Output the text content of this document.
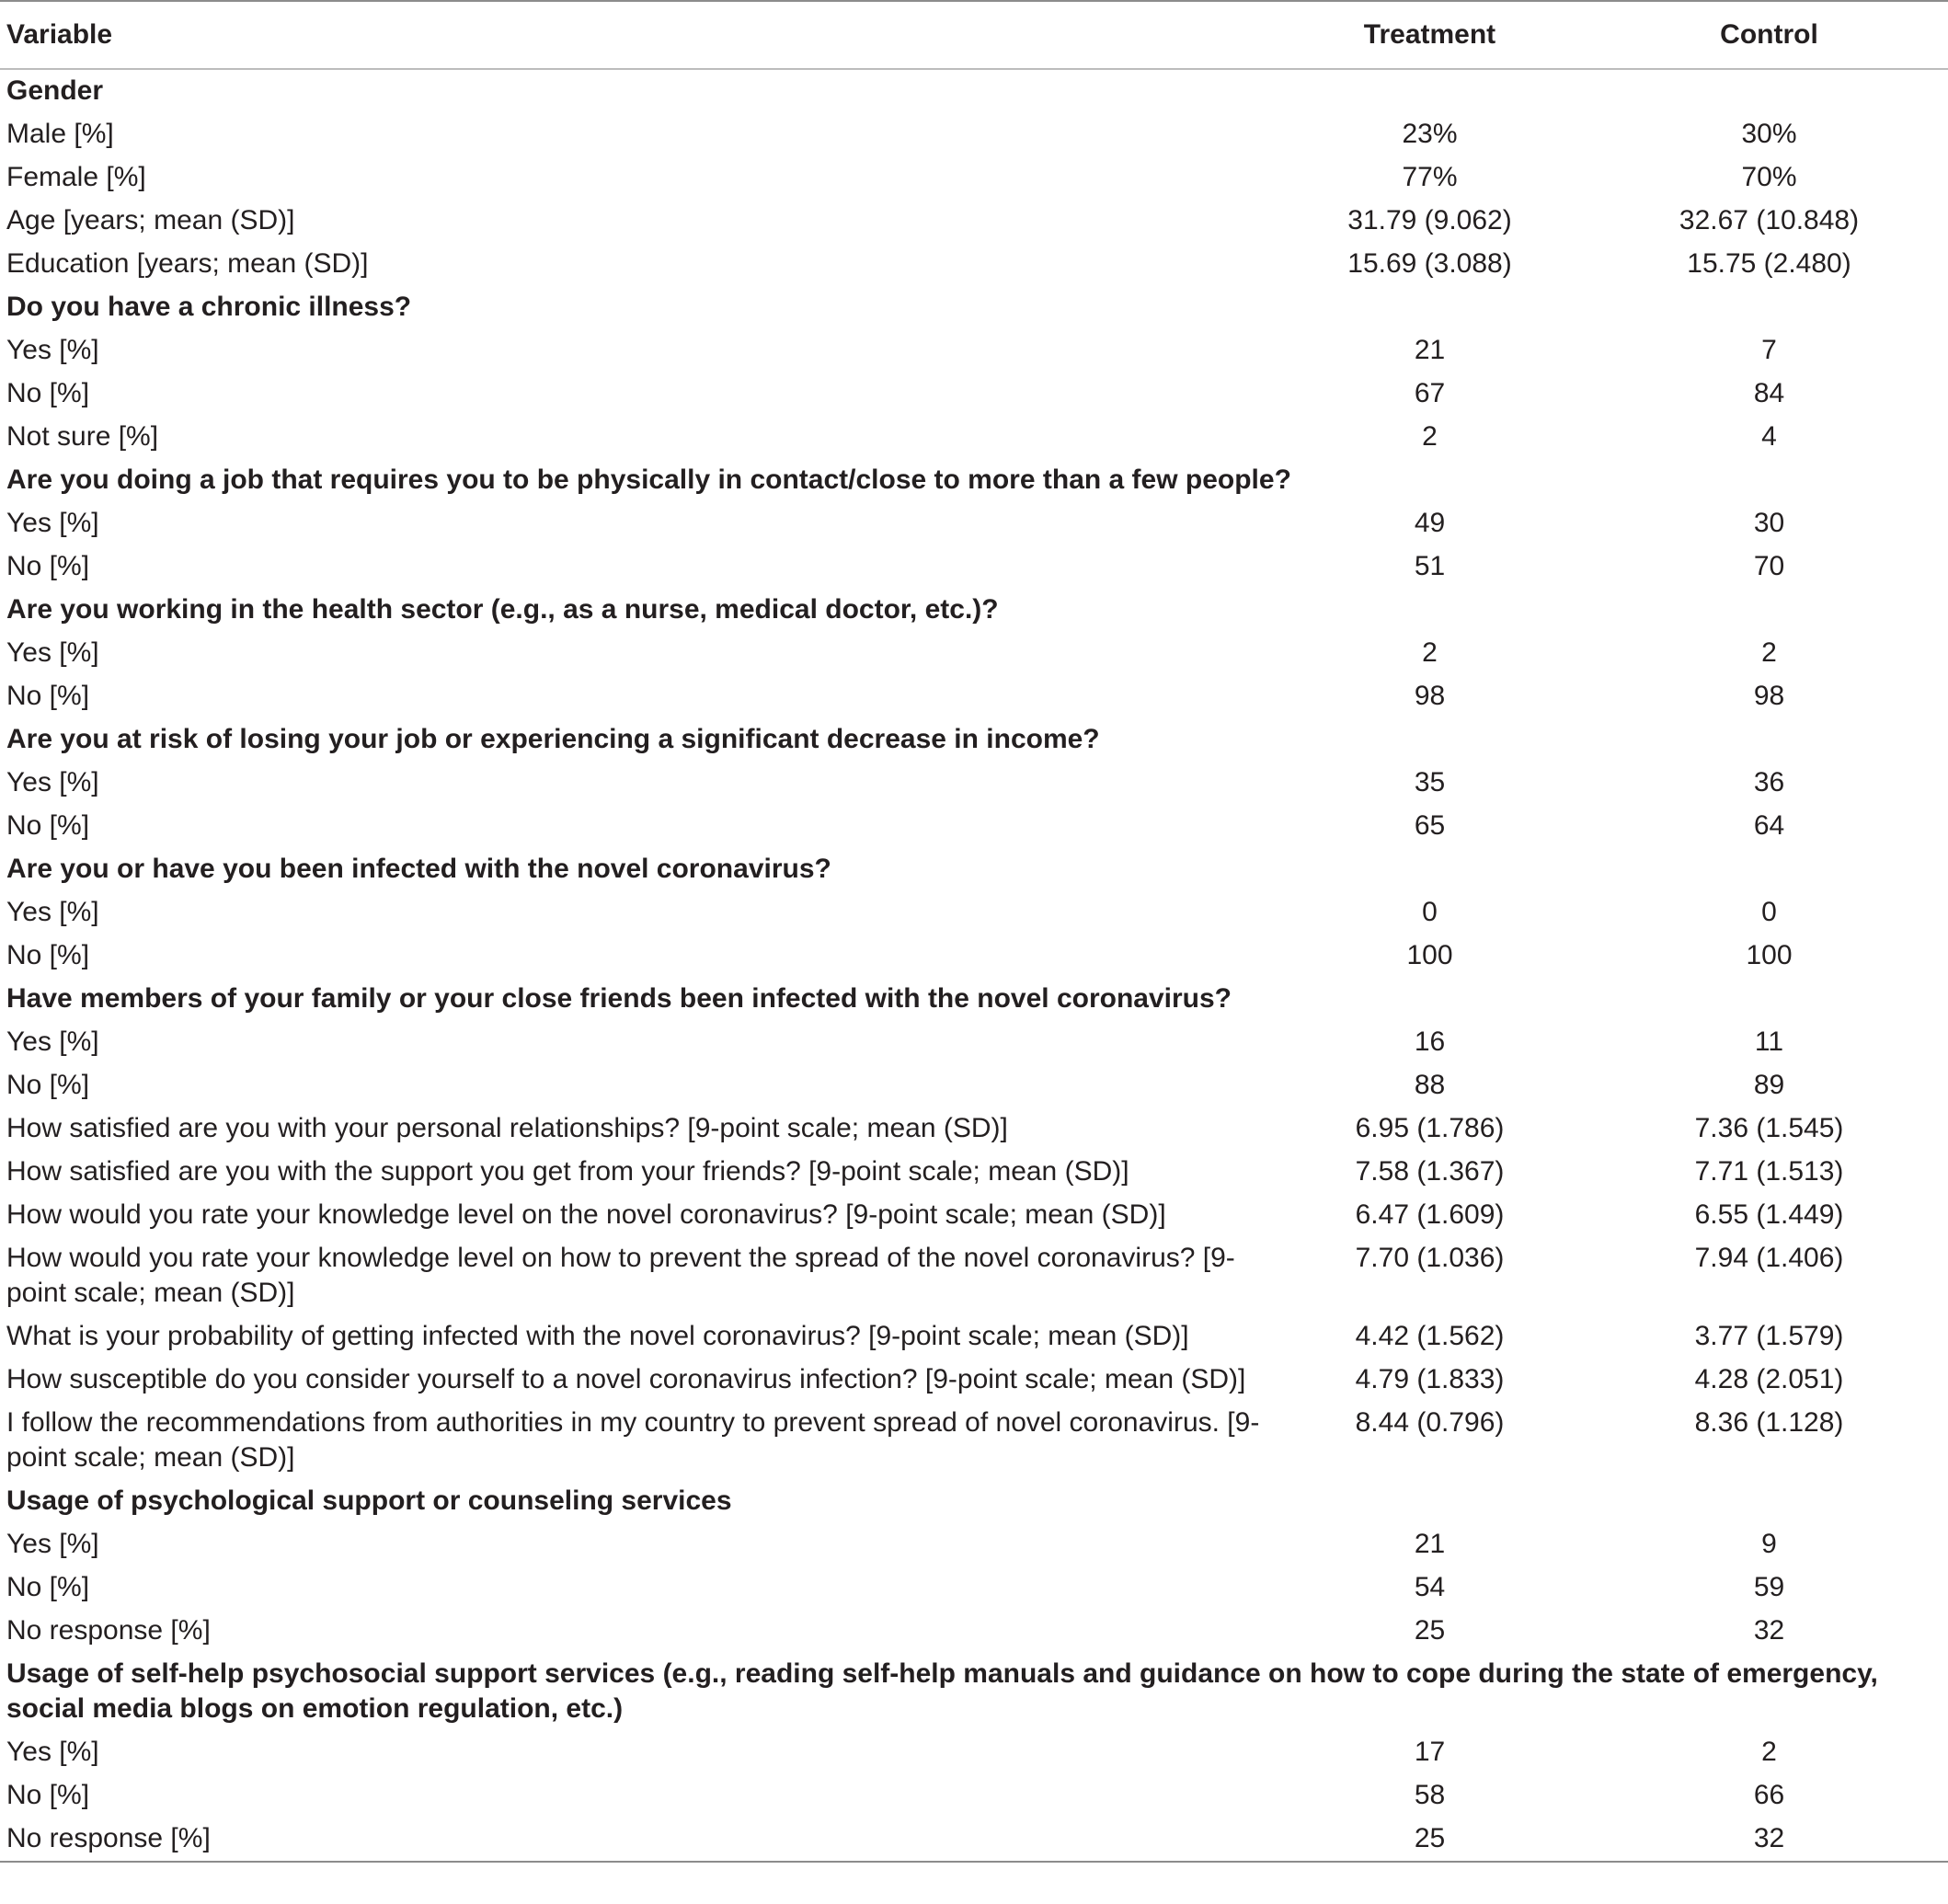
Variable	Treatment	Control
Gender		
Male [%]	23%	30%
Female [%]	77%	70%
Age [years; mean (SD)]	31.79 (9.062)	32.67 (10.848)
Education [years; mean (SD)]	15.69 (3.088)	15.75 (2.480)
Do you have a chronic illness?		
Yes [%]	21	7
No [%]	67	84
Not sure [%]	2	4
Are you doing a job that requires you to be physically in contact/close to more than a few people?		
Yes [%]	49	30
No [%]	51	70
Are you working in the health sector (e.g., as a nurse, medical doctor, etc.)?		
Yes [%]	2	2
No [%]	98	98
Are you at risk of losing your job or experiencing a significant decrease in income?		
Yes [%]	35	36
No [%]	65	64
Are you or have you been infected with the novel coronavirus?		
Yes [%]	0	0
No [%]	100	100
Have members of your family or your close friends been infected with the novel coronavirus?		
Yes [%]	16	11
No [%]	88	89
How satisfied are you with your personal relationships? [9-point scale; mean (SD)]	6.95 (1.786)	7.36 (1.545)
How satisfied are you with the support you get from your friends? [9-point scale; mean (SD)]	7.58 (1.367)	7.71 (1.513)
How would you rate your knowledge level on the novel coronavirus? [9-point scale; mean (SD)]	6.47 (1.609)	6.55 (1.449)
How would you rate your knowledge level on how to prevent the spread of the novel coronavirus? [9-point scale; mean (SD)]	7.70 (1.036)	7.94 (1.406)
What is your probability of getting infected with the novel coronavirus? [9-point scale; mean (SD)]	4.42 (1.562)	3.77 (1.579)
How susceptible do you consider yourself to a novel coronavirus infection? [9-point scale; mean (SD)]	4.79 (1.833)	4.28 (2.051)
I follow the recommendations from authorities in my country to prevent spread of novel coronavirus. [9-point scale; mean (SD)]	8.44 (0.796)	8.36 (1.128)
Usage of psychological support or counseling services		
Yes [%]	21	9
No [%]	54	59
No response [%]	25	32
Usage of self-help psychosocial support services (e.g., reading self-help manuals and guidance on how to cope during the state of emergency, social media blogs on emotion regulation, etc.)		
Yes [%]	17	2
No [%]	58	66
No response [%]	25	32
